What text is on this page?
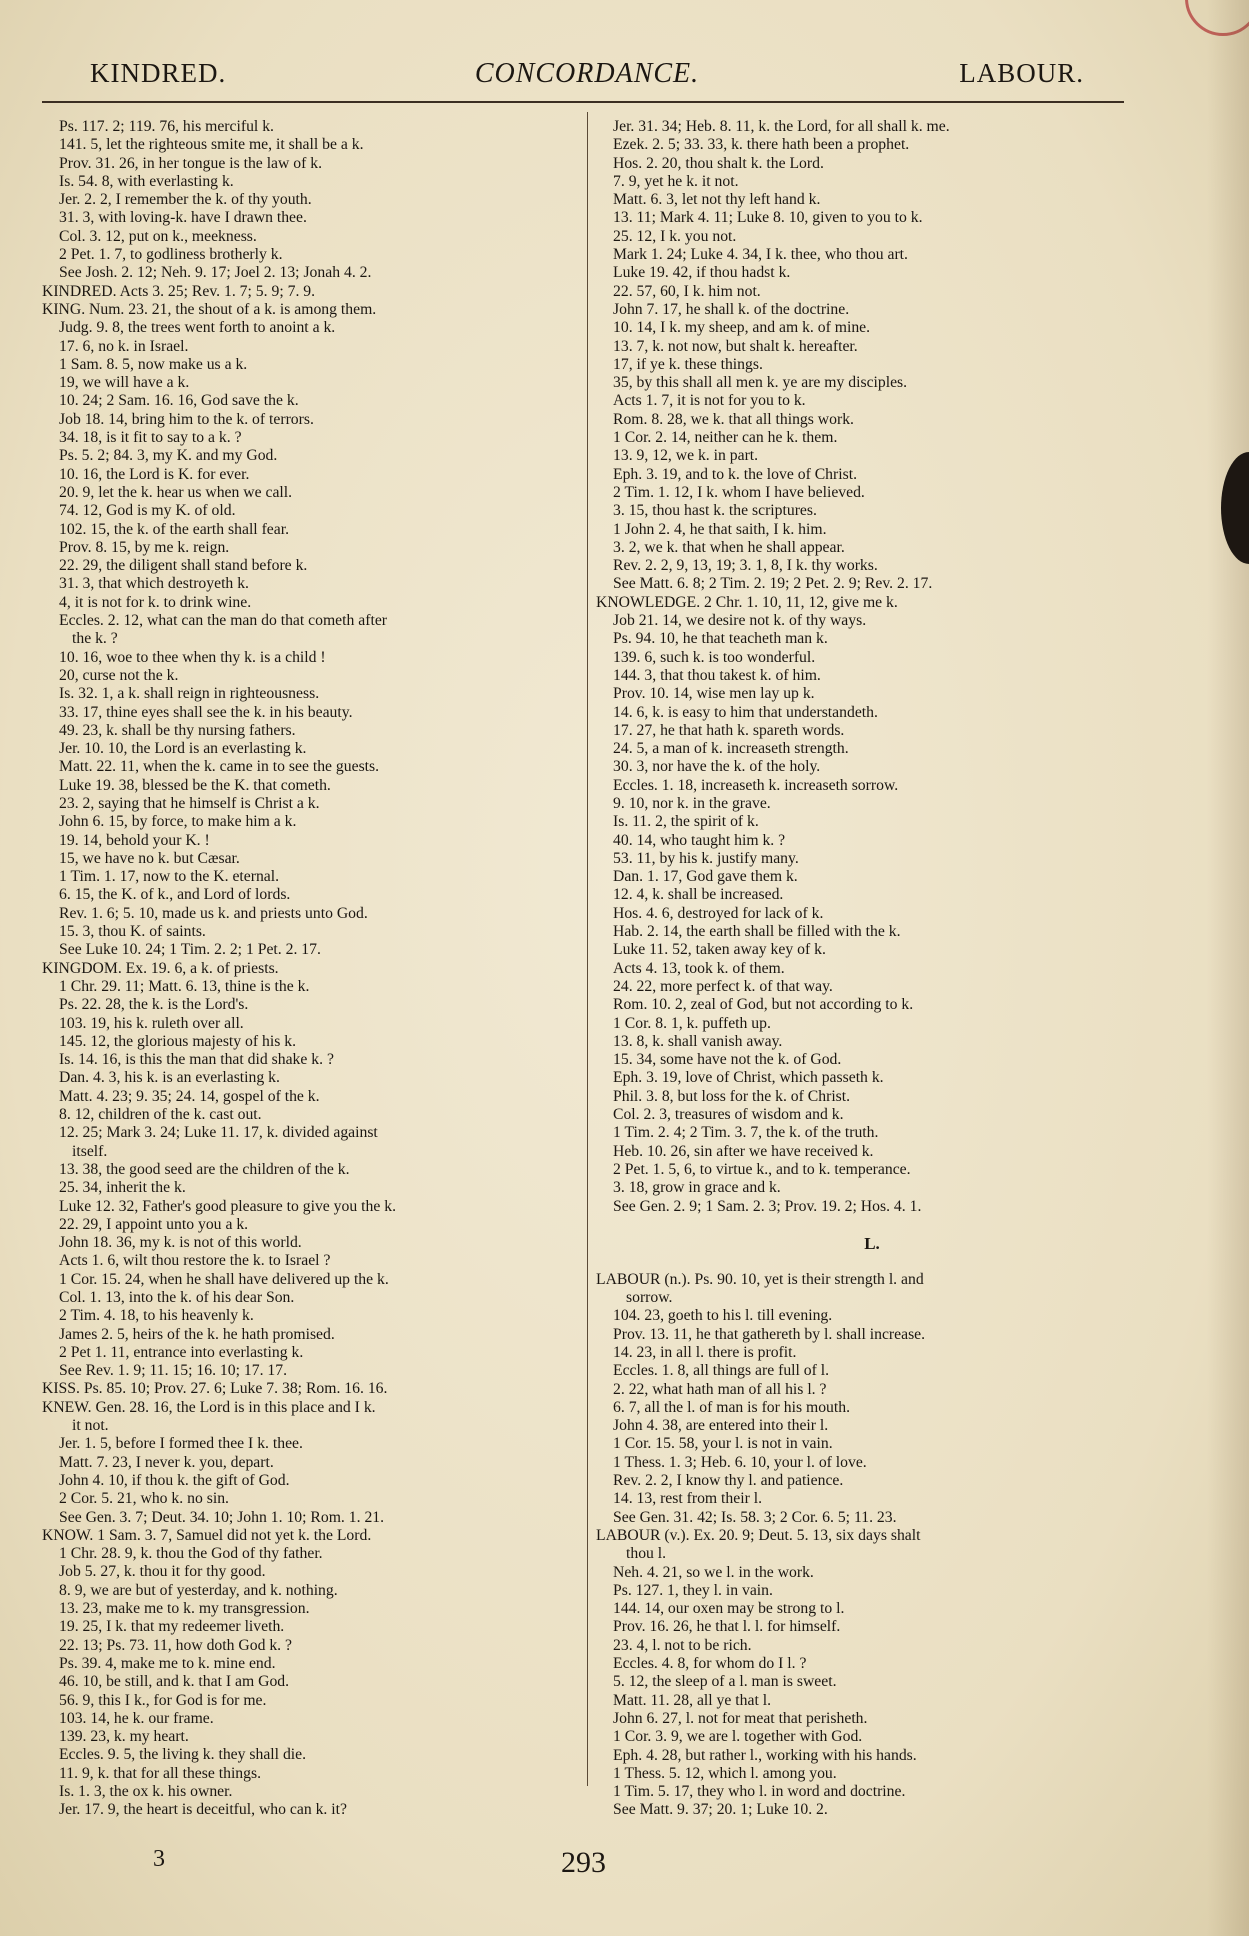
KINDRED.	CONCORDANCE.	LABOUR.

Ps. 117. 2; 119. 76, his merciful k.

141. 5, let the righteous smite me, it shall be a k.

Prov. 31. 26, in her tongue is the law of k.

Is. 54. 8, with everlasting k.

Jer. 2. 2, I remember the k. of thy youth.

31. 3, with loving-k. have I drawn thee.

Col. 3. 12, put on k., meekness.

2 Pet. 1. 7, to godliness brotherly k.

See Josh. 2. 12; Neh. 9. 17; Joel 2. 13; Jonah 4. 2.

KINDRED. Acts 3. 25; Rev. 1. 7; 5. 9; 7. 9.

KING. Num. 23. 21, the shout of a k. is among them.

Judg. 9. 8, the trees went forth to anoint a k.

17. 6, no k. in Israel.

1 Sam. 8. 5, now make us a k.

19, we will have a k.

10. 24; 2 Sam. 16. 16, God save the k.

Job 18. 14, bring him to the k. of terrors.

34. 18, is it fit to say to a k. ?

Ps. 5. 2; 84. 3, my K. and my God.

10. 16, the Lord is K. for ever.

20. 9, let the k. hear us when we call.

74. 12, God is my K. of old.

102. 15, the k. of the earth shall fear.

Prov. 8. 15, by me k. reign.

22. 29, the diligent shall stand before k.

31. 3, that which destroyeth k.

4, it is not for k. to drink wine.

Eccles. 2. 12, what can the man do that cometh after

the k. ?

10. 16, woe to thee when thy k. is a child !

20, curse not the k.

Is. 32. 1, a k. shall reign in righteousness.

33. 17, thine eyes shall see the k. in his beauty.

49. 23, k. shall be thy nursing fathers.

Jer. 10. 10, the Lord is an everlasting k.

Matt. 22. 11, when the k. came in to see the guests.

Luke 19. 38, blessed be the K. that cometh.

23. 2, saying that he himself is Christ a k.

John 6. 15, by force, to make him a k.

19. 14, behold your K. !

15, we have no k. but Cæsar.

1 Tim. 1. 17, now to the K. eternal.

6. 15, the K. of k., and Lord of lords.

Rev. 1. 6; 5. 10, made us k. and priests unto God.

15. 3, thou K. of saints.

See Luke 10. 24; 1 Tim. 2. 2; 1 Pet. 2. 17.

KINGDOM. Ex. 19. 6, a k. of priests.

1 Chr. 29. 11; Matt. 6. 13, thine is the k.

Ps. 22. 28, the k. is the Lord's.

103. 19, his k. ruleth over all.

145. 12, the glorious majesty of his k.

Is. 14. 16, is this the man that did shake k. ?

Dan. 4. 3, his k. is an everlasting k.

Matt. 4. 23; 9. 35; 24. 14, gospel of the k.

8. 12, children of the k. cast out.

12. 25; Mark 3. 24; Luke 11. 17, k. divided against

itself.

13. 38, the good seed are the children of the k.

25. 34, inherit the k.

Luke 12. 32, Father's good pleasure to give you the k.

22. 29, I appoint unto you a k.

John 18. 36, my k. is not of this world.

Acts 1. 6, wilt thou restore the k. to Israel ?

1 Cor. 15. 24, when he shall have delivered up the k.

Col. 1. 13, into the k. of his dear Son.

2 Tim. 4. 18, to his heavenly k.

James 2. 5, heirs of the k. he hath promised.

2 Pet 1. 11, entrance into everlasting k.

See Rev. 1. 9; 11. 15; 16. 10; 17. 17.

KISS. Ps. 85. 10; Prov. 27. 6; Luke 7. 38; Rom. 16. 16.

KNEW. Gen. 28. 16, the Lord is in this place and I k.

it not.

Jer. 1. 5, before I formed thee I k. thee.

Matt. 7. 23, I never k. you, depart.

John 4. 10, if thou k. the gift of God.

2 Cor. 5. 21, who k. no sin.

See Gen. 3. 7; Deut. 34. 10; John 1. 10; Rom. 1. 21.

KNOW. 1 Sam. 3. 7, Samuel did not yet k. the Lord.

1 Chr. 28. 9, k. thou the God of thy father.

Job 5. 27, k. thou it for thy good.

8. 9, we are but of yesterday, and k. nothing.

13. 23, make me to k. my transgression.

19. 25, I k. that my redeemer liveth.

22. 13; Ps. 73. 11, how doth God k. ?

Ps. 39. 4, make me to k. mine end.

46. 10, be still, and k. that I am God.

56. 9, this I k., for God is for me.

103. 14, he k. our frame.

139. 23, k. my heart.

Eccles. 9. 5, the living k. they shall die.

11. 9, k. that for all these things.

Is. 1. 3, the ox k. his owner.

Jer. 17. 9, the heart is deceitful, who can k. it?

Jer. 31. 34; Heb. 8. 11, k. the Lord, for all shall k. me.

Ezek. 2. 5; 33. 33, k. there hath been a prophet.

Hos. 2. 20, thou shalt k. the Lord.

7. 9, yet he k. it not.

Matt. 6. 3, let not thy left hand k.

13. 11; Mark 4. 11; Luke 8. 10, given to you to k.

25. 12, I k. you not.

Mark 1. 24; Luke 4. 34, I k. thee, who thou art.

Luke 19. 42, if thou hadst k.

22. 57, 60, I k. him not.

John 7. 17, he shall k. of the doctrine.

10. 14, I k. my sheep, and am k. of mine.

13. 7, k. not now, but shalt k. hereafter.

17, if ye k. these things.

35, by this shall all men k. ye are my disciples.

Acts 1. 7, it is not for you to k.

Rom. 8. 28, we k. that all things work.

1 Cor. 2. 14, neither can he k. them.

13. 9, 12, we k. in part.

Eph. 3. 19, and to k. the love of Christ.

2 Tim. 1. 12, I k. whom I have believed.

3. 15, thou hast k. the scriptures.

1 John 2. 4, he that saith, I k. him.

3. 2, we k. that when he shall appear.

Rev. 2. 2, 9, 13, 19; 3. 1, 8, I k. thy works.

See Matt. 6. 8; 2 Tim. 2. 19; 2 Pet. 2. 9; Rev. 2. 17.

KNOWLEDGE. 2 Chr. 1. 10, 11, 12, give me k.

Job 21. 14, we desire not k. of thy ways.

Ps. 94. 10, he that teacheth man k.

139. 6, such k. is too wonderful.

144. 3, that thou takest k. of him.

Prov. 10. 14, wise men lay up k.

14. 6, k. is easy to him that understandeth.

17. 27, he that hath k. spareth words.

24. 5, a man of k. increaseth strength.

30. 3, nor have the k. of the holy.

Eccles. 1. 18, increaseth k. increaseth sorrow.

9. 10, nor k. in the grave.

Is. 11. 2, the spirit of k.

40. 14, who taught him k. ?

53. 11, by his k. justify many.

Dan. 1. 17, God gave them k.

12. 4, k. shall be increased.

Hos. 4. 6, destroyed for lack of k.

Hab. 2. 14, the earth shall be filled with the k.

Luke 11. 52, taken away key of k.

Acts 4. 13, took k. of them.

24. 22, more perfect k. of that way.

Rom. 10. 2, zeal of God, but not according to k.

1 Cor. 8. 1, k. puffeth up.

13. 8, k. shall vanish away.

15. 34, some have not the k. of God.

Eph. 3. 19, love of Christ, which passeth k.

Phil. 3. 8, but loss for the k. of Christ.

Col. 2. 3, treasures of wisdom and k.

1 Tim. 2. 4; 2 Tim. 3. 7, the k. of the truth.

Heb. 10. 26, sin after we have received k.

2 Pet. 1. 5, 6, to virtue k., and to k. temperance.

3. 18, grow in grace and k.

See Gen. 2. 9; 1 Sam. 2. 3; Prov. 19. 2; Hos. 4. 1.

L.

LABOUR (n.). Ps. 90. 10, yet is their strength l. and

sorrow.

104. 23, goeth to his l. till evening.

Prov. 13. 11, he that gathereth by l. shall increase.

14. 23, in all l. there is profit.

Eccles. 1. 8, all things are full of l.

2. 22, what hath man of all his l. ?

6. 7, all the l. of man is for his mouth.

John 4. 38, are entered into their l.

1 Cor. 15. 58, your l. is not in vain.

1 Thess. 1. 3; Heb. 6. 10, your l. of love.

Rev. 2. 2, I know thy l. and patience.

14. 13, rest from their l.

See Gen. 31. 42; Is. 58. 3; 2 Cor. 6. 5; 11. 23.

LABOUR (v.). Ex. 20. 9; Deut. 5. 13, six days shalt

thou l.

Neh. 4. 21, so we l. in the work.

Ps. 127. 1, they l. in vain.

144. 14, our oxen may be strong to l.

Prov. 16. 26, he that l. l. for himself.

23. 4, l. not to be rich.

Eccles. 4. 8, for whom do I l. ?

5. 12, the sleep of a l. man is sweet.

Matt. 11. 28, all ye that l.

John 6. 27, l. not for meat that perisheth.

1 Cor. 3. 9, we are l. together with God.

Eph. 4. 28, but rather l., working with his hands.

1 Thess. 5. 12, which l. among you.

1 Tim. 5. 17, they who l. in word and doctrine.

See Matt. 9. 37; 20. 1; Luke 10. 2.

3	293
